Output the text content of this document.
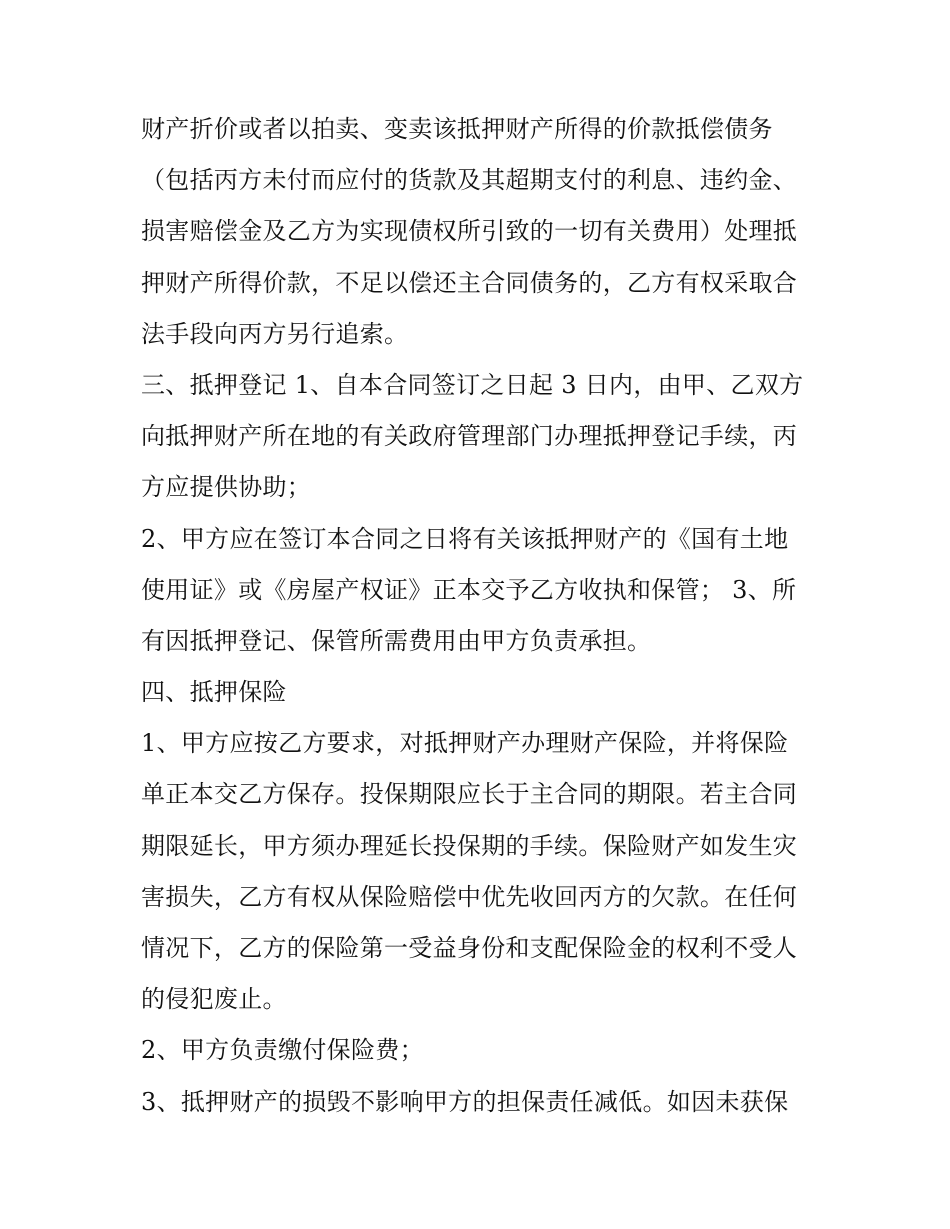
财产折价或者以拍卖、变卖该抵押财产所得的价款抵偿债务
（包括丙方未付而应付的货款及其超期支付的利息、违约金、
损害赔偿金及乙方为实现债权所引致的一切有关费用）处理抵
押财产所得价款，不足以偿还主合同债务的，乙方有权采取合
法手段向丙方另行追索。
三、抵押登记 1、自本合同签订之日起 3 日内，由甲、乙双方
向抵押财产所在地的有关政府管理部门办理抵押登记手续，丙
方应提供协助；
2、甲方应在签订本合同之日将有关该抵押财产的《国有土地
使用证》或《房屋产权证》正本交予乙方收执和保管； 3、所
有因抵押登记、保管所需费用由甲方负责承担。
四、抵押保险
1、甲方应按乙方要求，对抵押财产办理财产保险，并将保险
单正本交乙方保存。投保期限应长于主合同的期限。若主合同
期限延长，甲方须办理延长投保期的手续。保险财产如发生灾
害损失，乙方有权从保险赔偿中优先收回丙方的欠款。在任何
情况下，乙方的保险第一受益身份和支配保险金的权利不受人
的侵犯废止。
2、甲方负责缴付保险费；
3、抵押财产的损毁不影响甲方的担保责任减低。如因未获保
